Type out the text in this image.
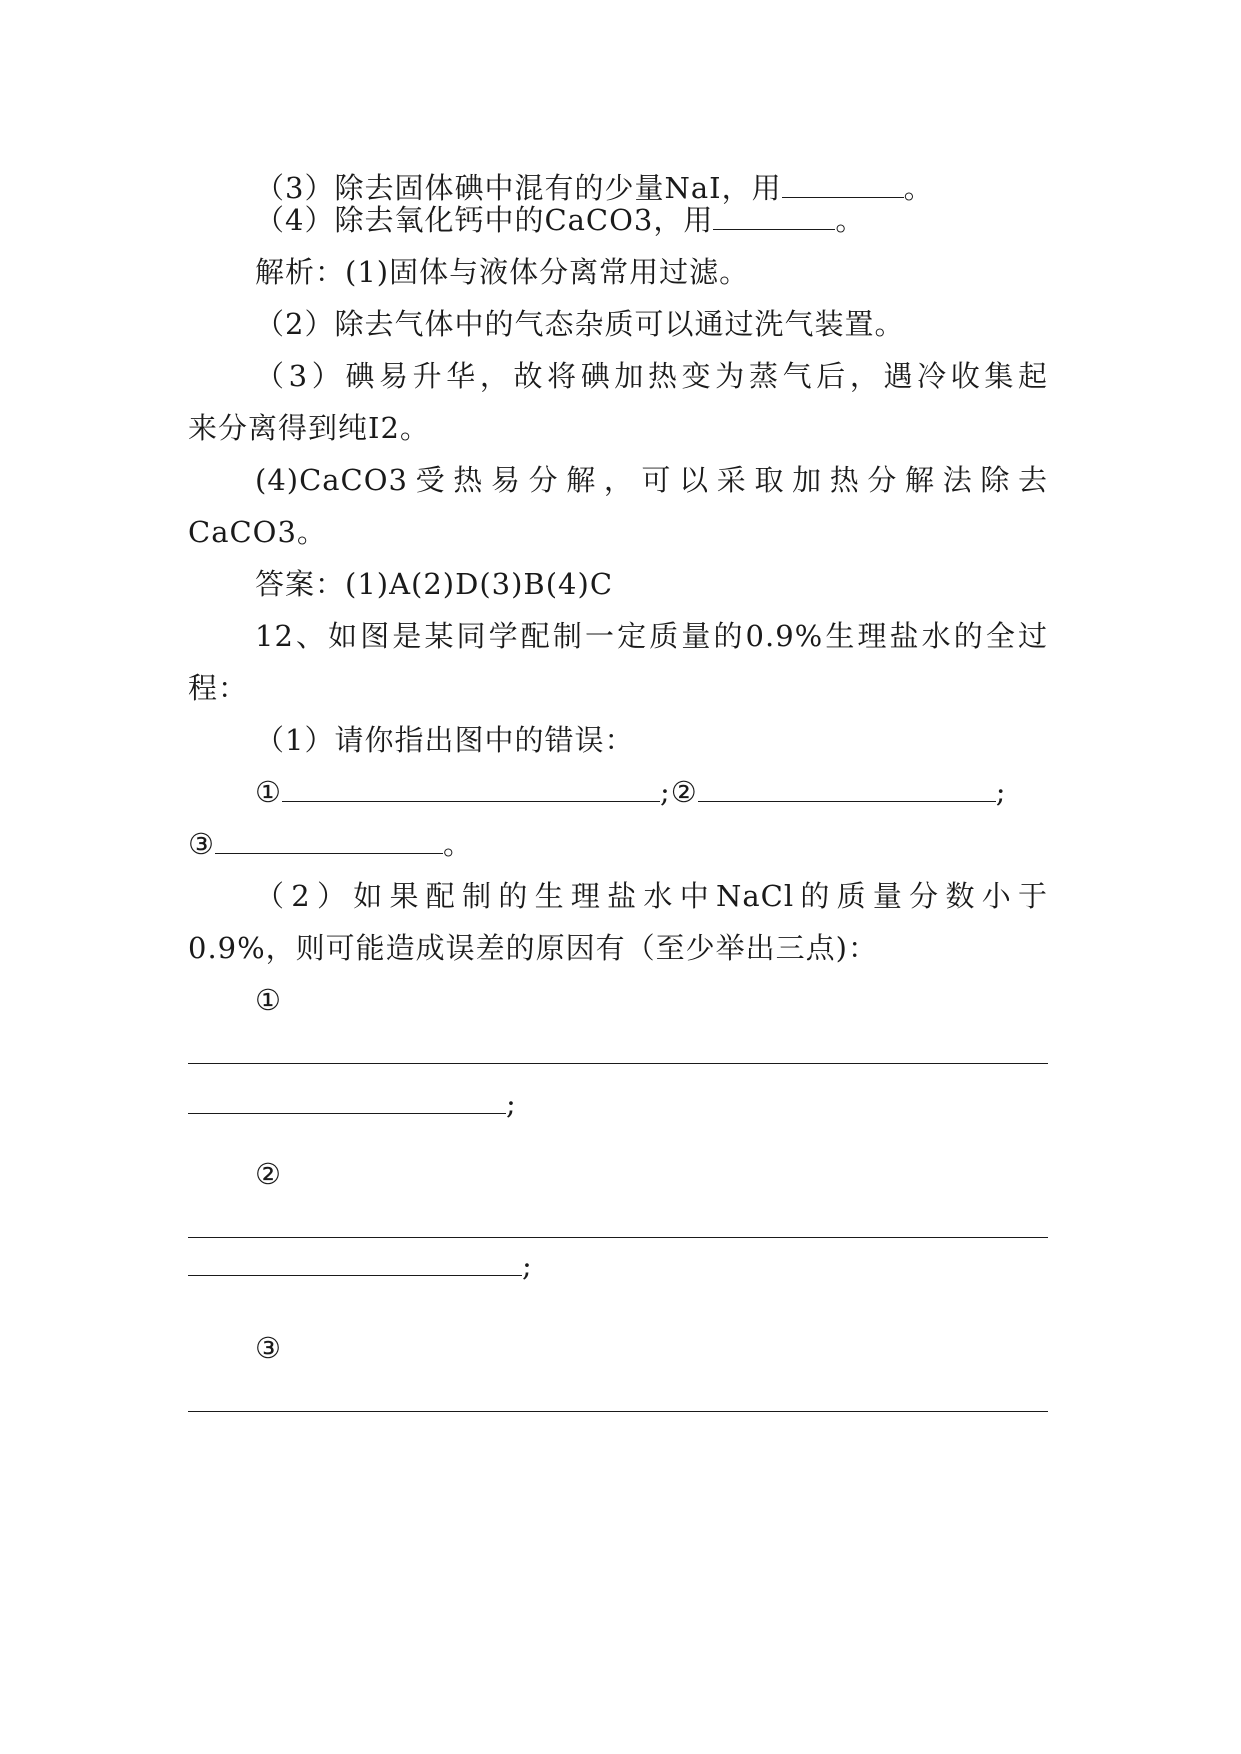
（3）除去固体碘中混有的少量NaI，用	。
（4）除去氧化钙中的CaCO3，用	。
解析：(1)固体与液体分离常用过滤。
（2）除去气体中的气态杂质可以通过洗气装置。
（3）碘易升华，故将碘加热变为蒸气后，遇冷收集起
来分离得到纯I2。
(4)CaCO3受热易分解，可以采取加热分解法除去
CaCO3。
答案：(1)A(2)D(3)B(4)C
12、如图是某同学配制一定质量的0.9%生理盐水的全过
程：
（1）请你指出图中的错误：
①	;②	;
③	。
（2）如果配制的生理盐水中NaCl的质量分数小于
0.9%，则可能造成误差的原因有（至少举出三点)：
①
;
②
;
③
